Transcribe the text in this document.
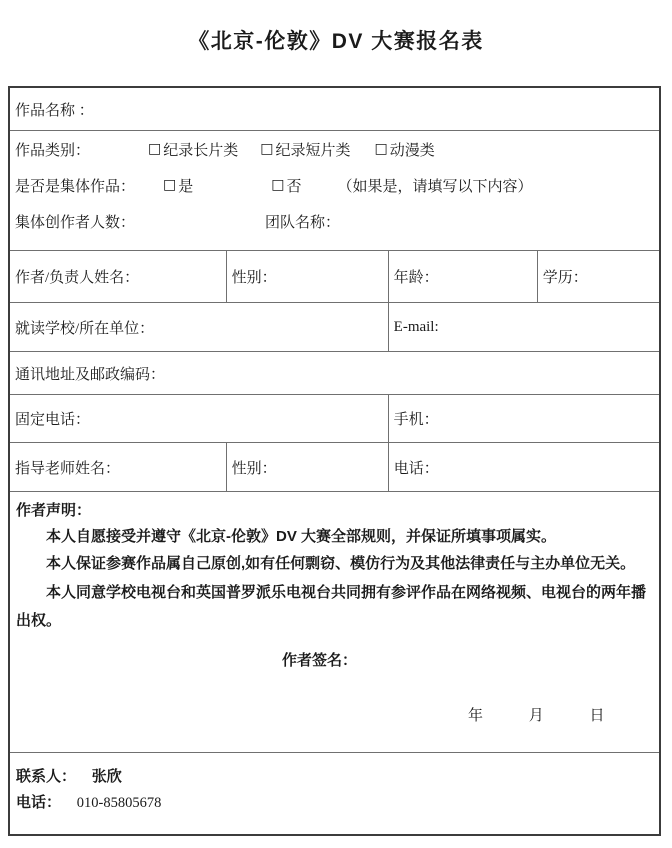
《北京-伦敦》DV 大赛报名表
作品名称 ：
作品类别：	□ 纪录长片类 □ 纪录短片类 □ 动漫类
是否是集体作品： □ 是	□ 否 （如果是，请填写以下内容）
集体创作者人数：	团队名称：
作者/负责人姓名：	性别：	年龄：	学历：
就读学校/所在单位：	E-mail:
通讯地址及邮政编码：
固定电话：	手机：
指导老师姓名：	性别：	电话：
作者声明：

本人自愿接受并遵守《北京-伦敦》DV 大赛全部规则，并保证所填事项属实。

本人保证参赛作品属自己原创,如有任何剽窃、模仿行为及其他法律责任与主办单位无关。

本人同意学校电视台和英国普罗派乐电视台共同拥有参评作品在网络视频、电视台的两年播出权。

作者签名：
年	月	日
联系人： 张欣
电话： 010-85805678
